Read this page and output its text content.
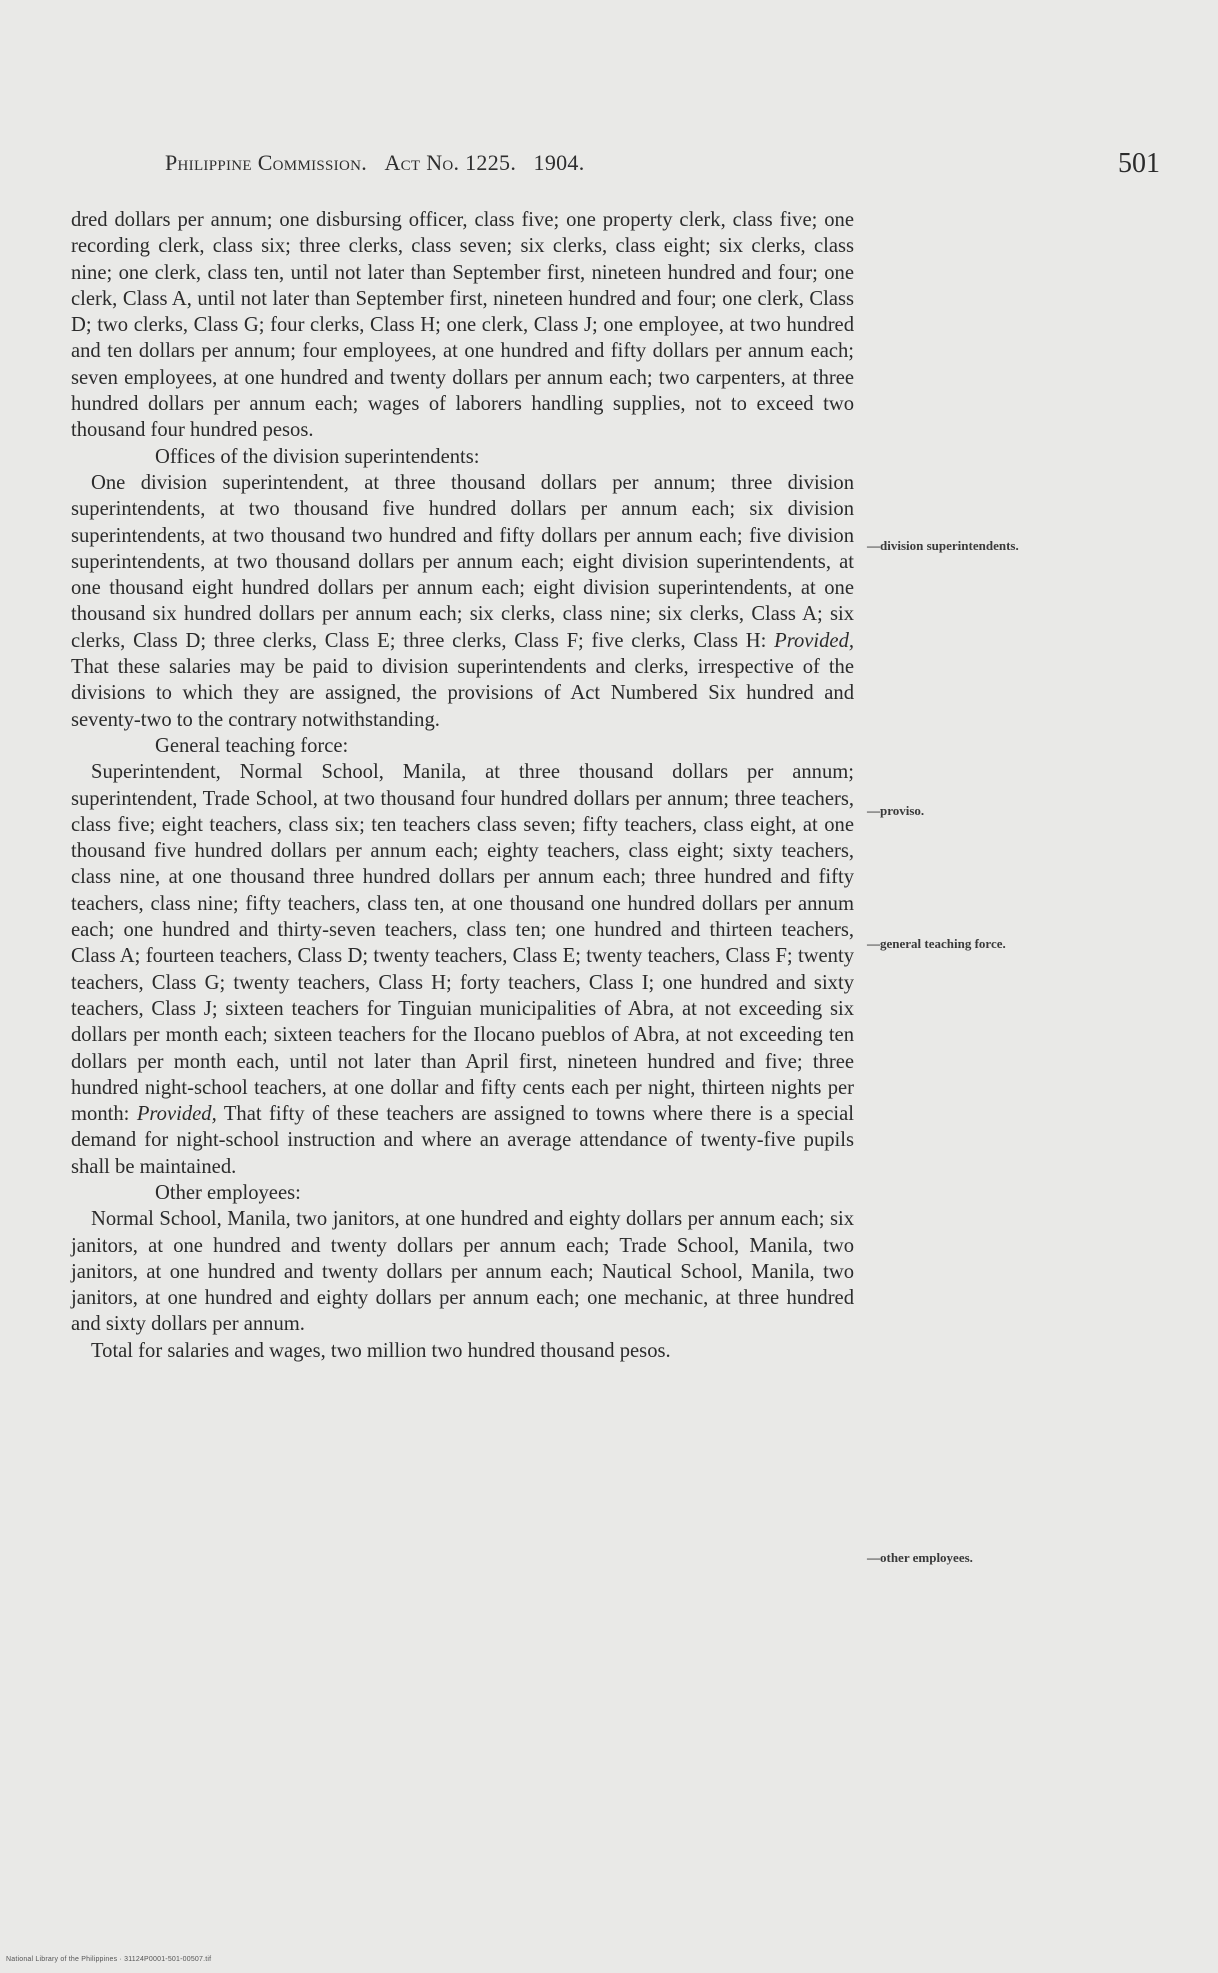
Philippine Commission. Act No. 1225. 1904.	501

dred dollars per annum; one disbursing officer, class five; one property clerk, class five; one recording clerk, class six; three clerks, class seven; six clerks, class eight; six clerks, class nine; one clerk, class ten, until not later than September first, nineteen hundred and four; one clerk, Class A, until not later than September first, nineteen hundred and four; one clerk, Class D; two clerks, Class G; four clerks, Class H; one clerk, Class J; one employee, at two hundred and ten dollars per annum; four employees, at one hundred and fifty dollars per annum each; seven employees, at one hundred and twenty dollars per annum each; two carpenters, at three hundred dollars per annum each; wages of laborers handling supplies, not to exceed two thousand four hundred pesos.

Offices of the division superintendents:

One division superintendent, at three thousand dollars per annum; three division superintendents, at two thousand five hundred dollars per annum each; six division superintendents, at two thousand two hundred and fifty dollars per annum each; five division superintendents, at two thousand dollars per annum each; eight division superintendents, at one thousand eight hundred dollars per annum each; eight division superintendents, at one thousand six hundred dollars per annum each; six clerks, class nine; six clerks, Class A; six clerks, Class D; three clerks, Class E; three clerks, Class F; five clerks, Class H: Provided, That these salaries may be paid to division superintendents and clerks, irrespective of the divisions to which they are assigned, the provisions of Act Numbered Six hundred and seventy-two to the contrary notwithstanding.

General teaching force:

Superintendent, Normal School, Manila, at three thousand dollars per annum; superintendent, Trade School, at two thousand four hundred dollars per annum; three teachers, class five; eight teachers, class six; ten teachers class seven; fifty teachers, class eight, at one thousand five hundred dollars per annum each; eighty teachers, class eight; sixty teachers, class nine, at one thousand three hundred dollars per annum each; three hundred and fifty teachers, class nine; fifty teachers, class ten, at one thousand one hundred dollars per annum each; one hundred and thirty-seven teachers, class ten; one hundred and thirteen teachers, Class A; fourteen teachers, Class D; twenty teachers, Class E; twenty teachers, Class F; twenty teachers, Class G; twenty teachers, Class H; forty teachers, Class I; one hundred and sixty teachers, Class J; sixteen teachers for Tinguian municipalities of Abra, at not exceeding six dollars per month each; sixteen teachers for the Ilocano pueblos of Abra, at not exceeding ten dollars per month each, until not later than April first, nineteen hundred and five; three hundred night-school teachers, at one dollar and fifty cents each per night, thirteen nights per month: Provided, That fifty of these teachers are assigned to towns where there is a special demand for night-school instruction and where an average attendance of twenty-five pupils shall be maintained.

Other employees:

Normal School, Manila, two janitors, at one hundred and eighty dollars per annum each; six janitors, at one hundred and twenty dollars per annum each; Trade School, Manila, two janitors, at one hundred and twenty dollars per annum each; Nautical School, Manila, two janitors, at one hundred and eighty dollars per annum each; one mechanic, at three hundred and sixty dollars per annum.

Total for salaries and wages, two million two hundred thousand pesos.

—division superintendents.
—proviso.
—general teaching force.
—other employees.
National Library of the Philippines · 31124P0001-501-00507.tif
